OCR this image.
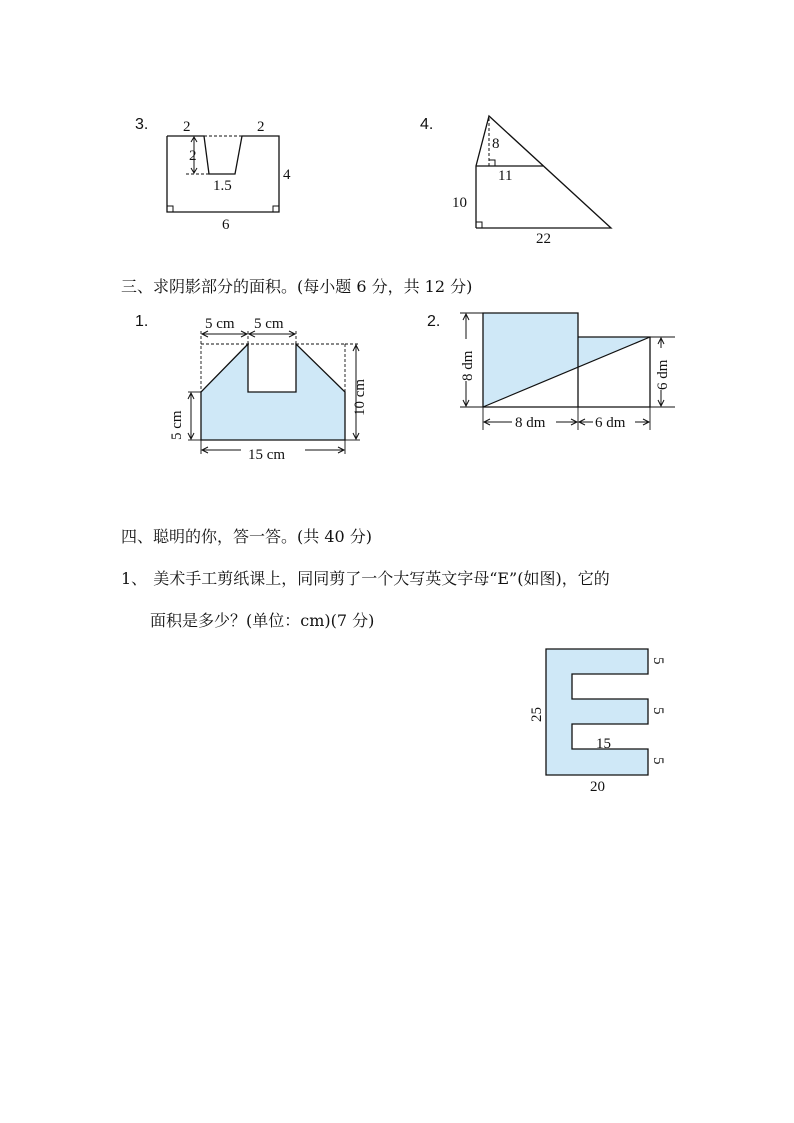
3. 2	2
2
1.5
4
6
4.
8
11
10
22
三、求阴影部分的面积。(每小题 6 分，共 12 分)
1.	5 cm 5 cm
5 cm
10 cm
15 cm
2.
8 dm	6 dm
8 dm	6 dm
四、聪明的你，答一答。(共 40 分)
1、 美术手工剪纸课上，同同剪了一个大写英文字母“E”(如图)，它的
面积是多少？(单位：cm)(7 分)
25
20
15
5
5
5
